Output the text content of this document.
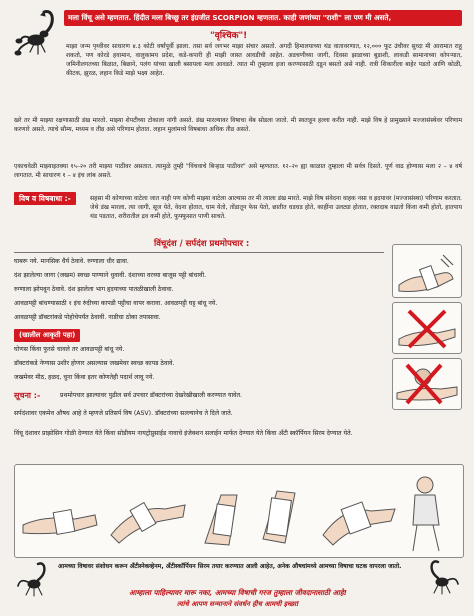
मला विंचू असे म्हणतात. हिंदीत मला बिच्छू तर इंग्रजीत SCORPION म्हणतात. काही जणांच्या "राशी" ला पण मी असते,
"वृश्चिक"!

माझा जन्म पृथ्वीवर साधारण ४.३ कोटी वर्षांपूर्वी झाला. तसा सर्व जगभर माझा संचार असतो. अगदी हिमालयाच्या थंड वातावरणात, १२,००० फूट उंचीवर सुध्दा मी आरामात राहू शकतो, पण कोरडे हवामान, वालुकामय प्रदेश, कडे-कपारी ही माझी जास्त आवडीची आहेत. अडचणीच्या जागी, दिवसा झाडाच्या बुडाशी, लाकडी सामानाच्या कोपऱ्यात, जमिनीलगतच्या बिळात, बिछाने, पलंग यांच्या खाली बसायला मला आवडते. त्यात मी तुम्हाला इजा करण्यासाठी दडून बसतो असे नाही. रात्री शिकारीला बाहेर पडतो आणि कोळी, कीटक, झुरळ, लहान किडे माझे भक्ष्य आहेत.

खरे तर मी माझ्या रक्षणासाठी डंख मारतो. माझ्या शेपटीच्या टोकाला नांगी असते. डंख मारल्यावर विषाचा थेंब सोडला जातो. मी स्वतःहून हल्ला करीत नाही. माझे विष हे प्रामुख्याने मज्जासंस्थेवर परिणाम करणारे असते. त्याचे सौम्य, मध्यम व तीव्र असे परिणाम होतात. लहान मुलांमध्ये विषबाधा अधिक तीव्र असते.

एकाचवेळी माझ्याइतक्या १५–२० तरी माझ्या पाठीवर असतात. त्यामुळे तुम्ही "विंचवाचे बिऱ्हाड पाठीवर" असे म्हणतात. १२–२० ह्या काळात तुम्हाला मी सर्वत्र दिसते. पूर्ण वाढ होण्यास मला २ – ४ वर्ष लागतात. मी साधारण १ – ४ इंच लांब असते.

विष व विषबाधा :-	सहसा मी कोणाच्या वाटेला जात नाही पण कोणी माझ्या वाटेला आल्यास तर मी त्याला डंख मारते. माझे विष संवेदना वाहक नसा व ह्रदयावर (मज्जासंस्था) परिणाम करतात. जेथे डंख मारला, त्या जागी, सूज येते, वेदना होतात, घाम येतो, तोंडातून फेस येतो, छातीत धडधड होते, काहींना उलट्या होतात, रक्तदाब वाढतो किंवा कमी होतो, हातपाय थंड पडतात, शरीरातील द्रव कमी होते, फुफ्फुसात पाणी साचते.

विंचूदंश / सर्पदंश प्रथमोपचार :
घाबरू नये. मानसिक धैर्य ठेवावे. रुग्णाला धीर द्यावा.
दंश झालेल्या जागा (जखम) स्वच्छ पाण्याने धुवावी. दंशाच्या वरच्या बाजूस पट्टी बांधावी.
रुग्णाला झोपवून ठेवावे. दंश झालेला भाग हृदयाच्या पातळीखाली ठेवावा.
आवळपट्टी बांधण्यासाठी १ इंच रुंदीच्या कापडी पट्टीचा वापर करावा. आवळपट्टी घट्ट बांधू नये.
आवळपट्टी डॉक्टरांकडे पोहोचेपर्यंत ठेवावी. नाडीचा ठोका तपासावा.
(खालील आकृती पहा)
घोणस किंवा फुरसे चावले तर आवळपट्टी बांधू नये.
डॉक्टरांकडे नेण्यास उशीर होणार असल्यास जखमेवर स्वच्छ कापड ठेवावे.
जखमेवर मीठ, हळद, चुना किंवा इतर कोणतेही पदार्थ लावू नये.
सूचना :-	प्रथमोपचार झाल्यावर पुढील सर्व उपचार डॉक्टरांच्या देखरेखीखाली करण्यात यावेत.
सर्पदंशावर एकमेव औषध आहे ते म्हणजे प्रतिसर्प विष (ASV). डॉक्टरांच्या सल्ल्यानेच ते दिले जाते.
विंचू दंशावर प्राझोसिन गोळी देण्यात येते किंवा सोडीयम नायट्रोप्रुसाईड नावाचे इंजेक्शन सलाईन मार्फत देण्यात येते किंवा ॲंटी स्कॉर्पियन सिरम देण्यात येते.

आमच्या विषावर संशोधन करून ॲंटीस्नेकव्हेनम, ॲंटीस्कॉर्पियन सिरम तयार करण्यात आली आहेत, अनेक औषधांमध्ये आमच्या विषाचा घटक वापरला जातो.

आम्हाला पाहिल्यावर मारू नका, आमच्या विषाची गरज तुम्हाला जीवदानासाठी आहे!
त्यांचे आपण सन्मानाने संवर्धन हीच आमची इच्छा!
